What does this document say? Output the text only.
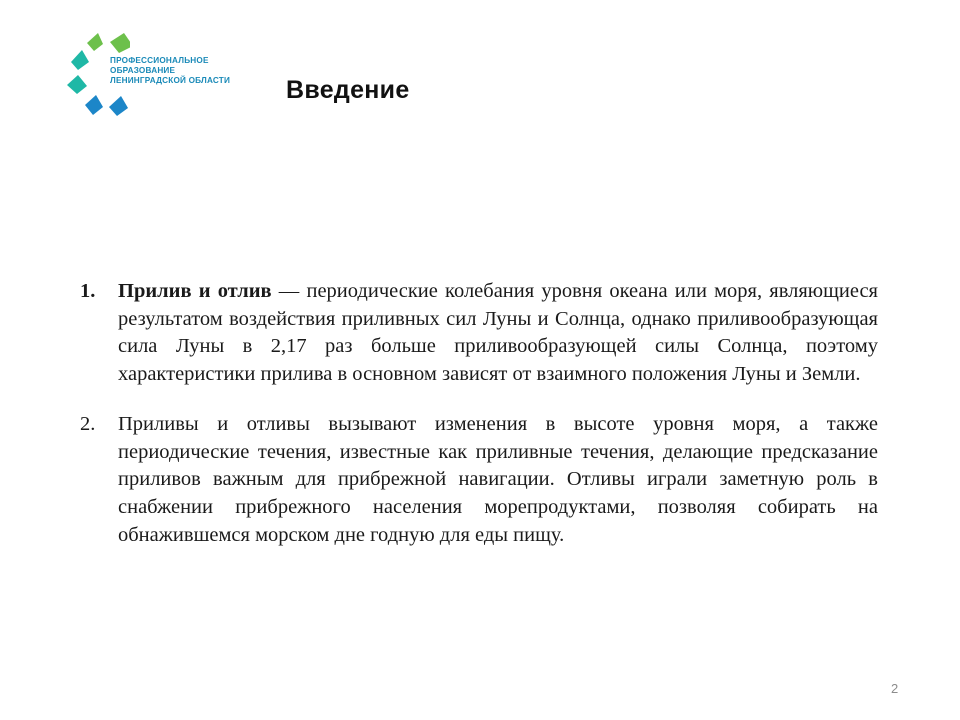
ПРОФЕССИОНАЛЬНОЕ
ОБРАЗОВАНИЕ
ЛЕНИНГРАДСКОЙ ОБЛАСТИ Введение
1.	Прилив и отлив — периодические колебания уровня океана или моря, являющиеся результатом воздействия приливных сил Луны и Солнца, однако приливообразующая сила Луны в 2,17 раз больше приливообразующей силы Солнца, поэтому характеристики прилива в основном зависят от взаимного положения Луны и Земли.
2.	Приливы и отливы вызывают изменения в высоте уровня моря, а также периодические течения, известные как приливные течения, делающие предсказание приливов важным для прибрежной навигации. Отливы играли заметную роль в снабжении прибрежного населения морепродуктами, позволяя собирать на обнажившемся морском дне годную для еды пищу.
2
